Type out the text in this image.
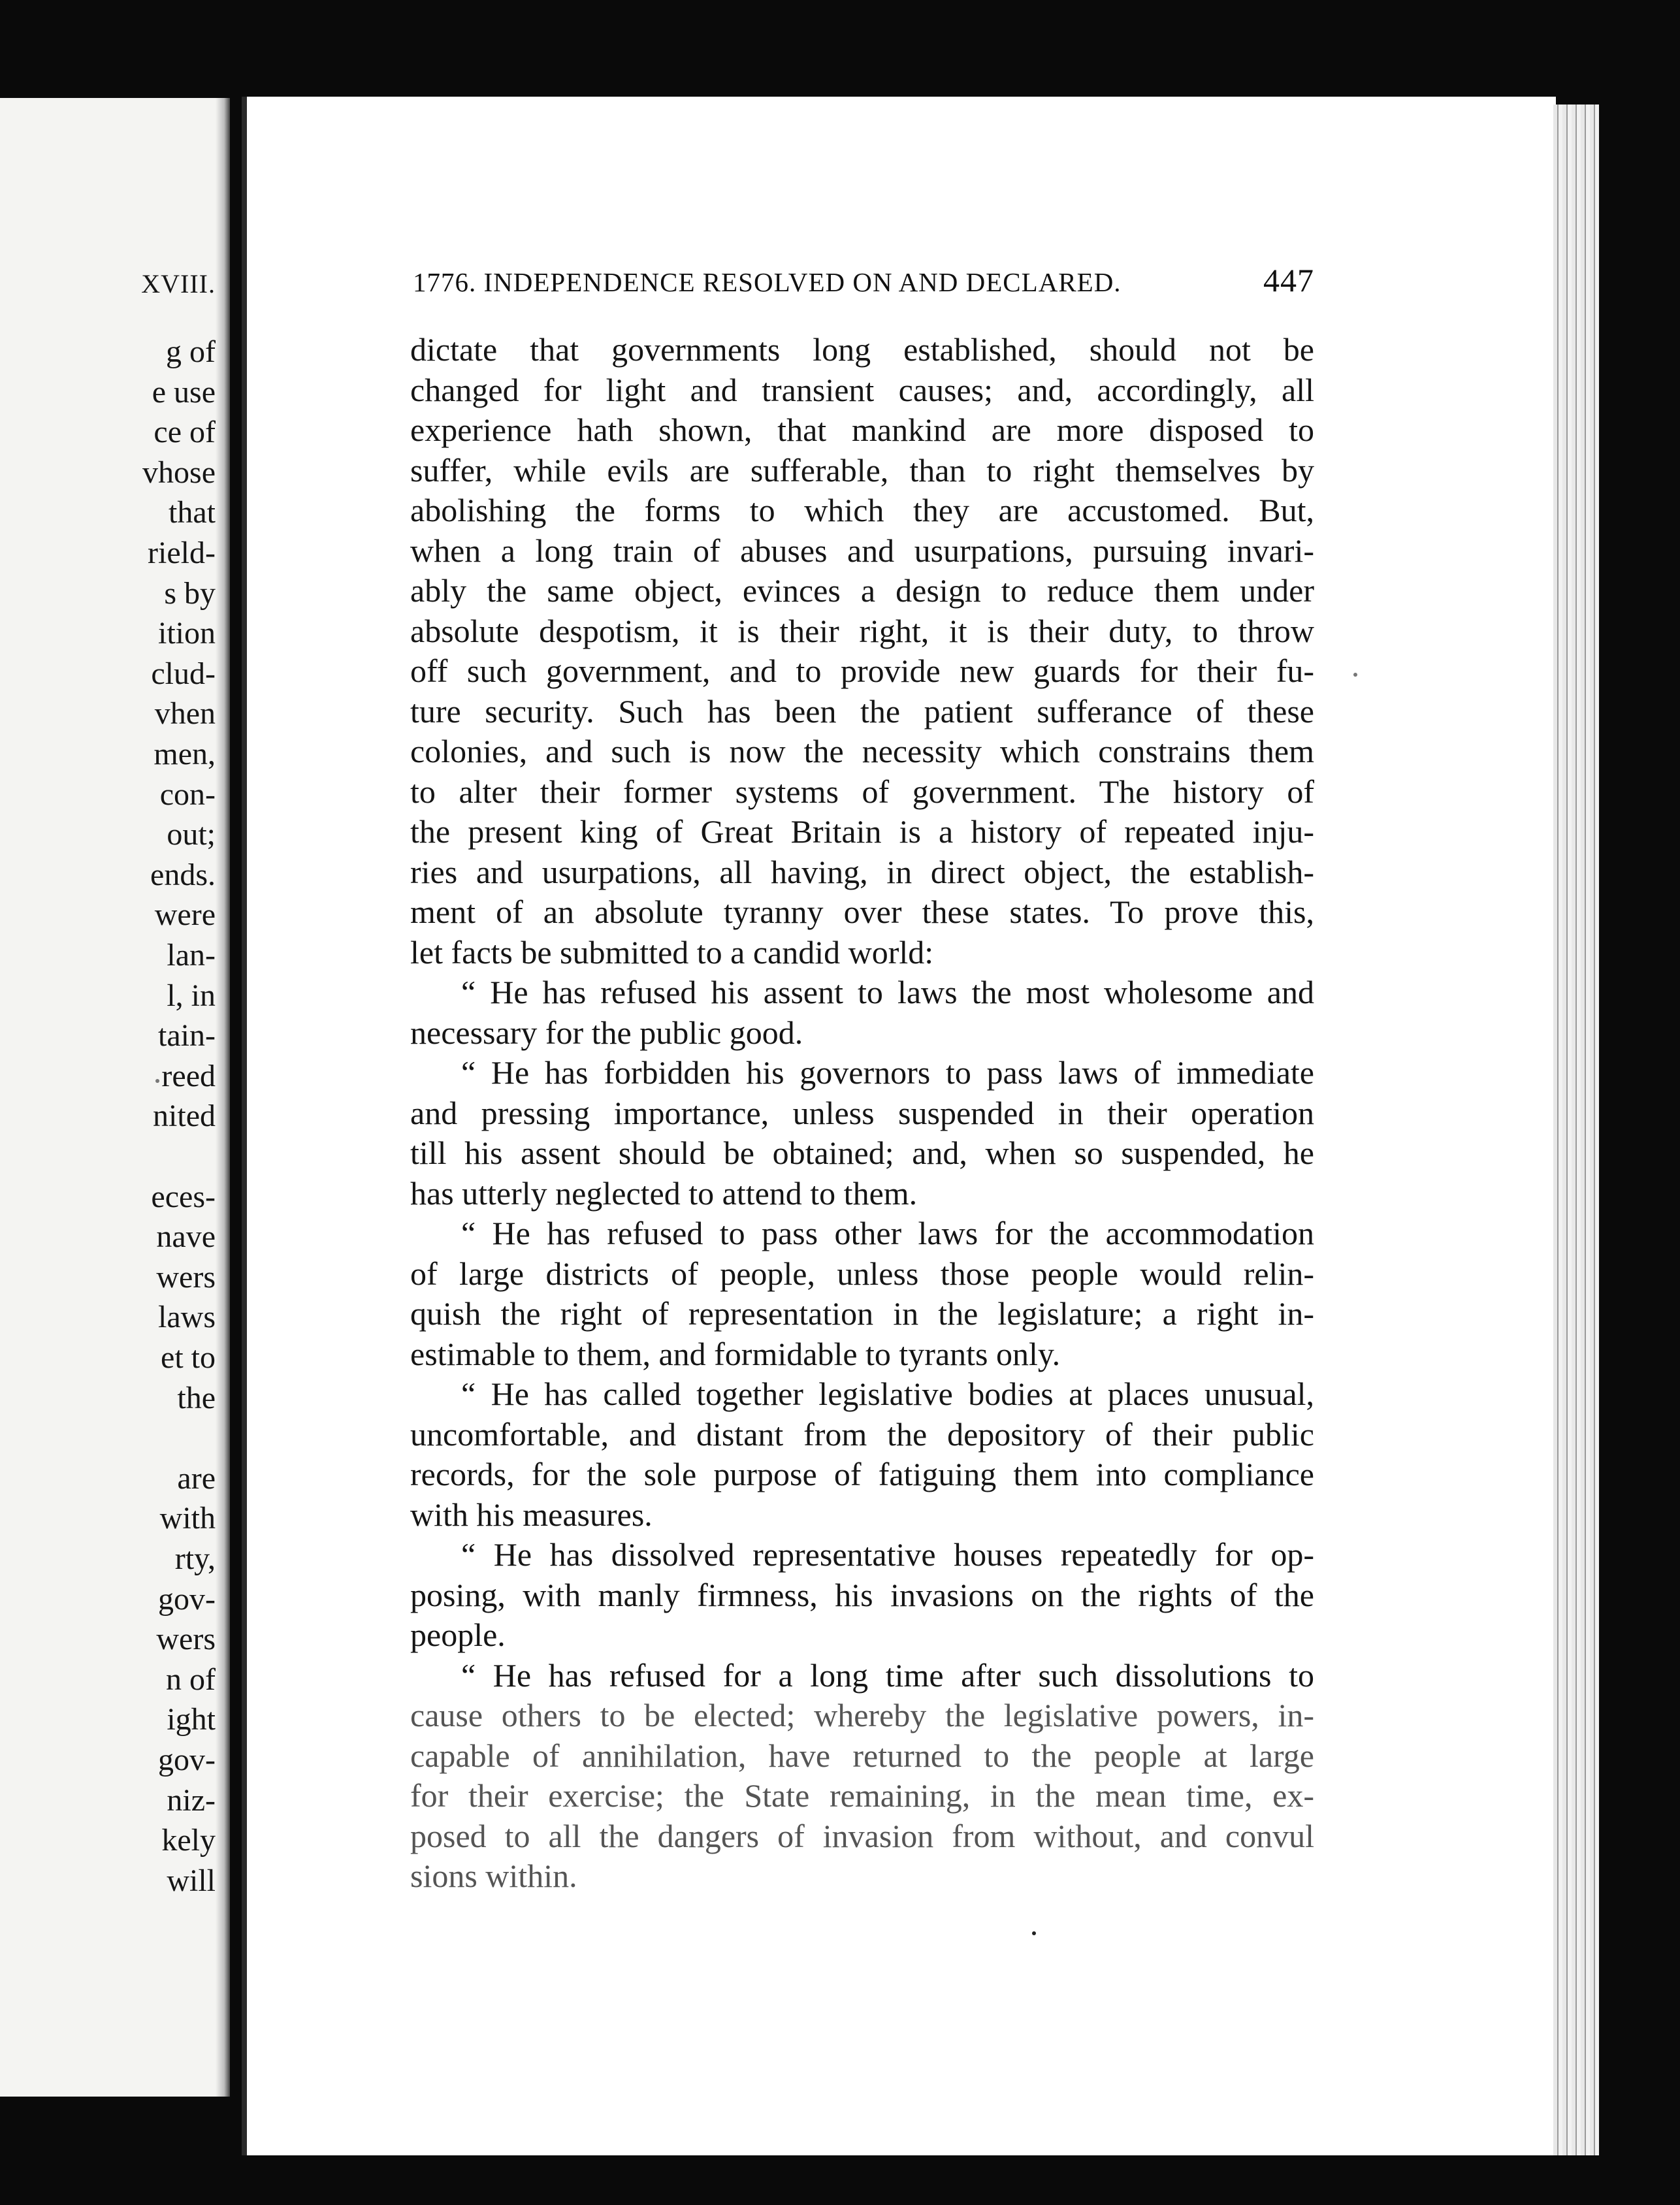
XVIII.
g of
e use
ce of
vhose
that
rield-
s by
ition
clud-
vhen
men,
con-
out;
ends.
were
lan-
l, in
tain-
reed
nited
eces-
nave
wers
laws
et to
the
are
with
rty,
gov-
wers
n of
ight
gov-
niz-
kely
will
1776. INDEPENDENCE RESOLVED ON AND DECLARED.	447
dictate that governments long established, should not be
changed for light and transient causes; and, accordingly, all
experience hath shown, that mankind are more disposed to
suffer, while evils are sufferable, than to right themselves by
abolishing the forms to which they are accustomed. But,
when a long train of abuses and usurpations, pursuing invari-
ably the same object, evinces a design to reduce them under
absolute despotism, it is their right, it is their duty, to throw
off such government, and to provide new guards for their fu-
ture security. Such has been the patient sufferance of these
colonies, and such is now the necessity which constrains them
to alter their former systems of government. The history of
the present king of Great Britain is a history of repeated inju-
ries and usurpations, all having, in direct object, the establish-
ment of an absolute tyranny over these states. To prove this,
let facts be submitted to a candid world:
“ He has refused his assent to laws the most wholesome and
necessary for the public good.
“ He has forbidden his governors to pass laws of immediate
and pressing importance, unless suspended in their operation
till his assent should be obtained; and, when so suspended, he
has utterly neglected to attend to them.
“ He has refused to pass other laws for the accommodation
of large districts of people, unless those people would relin-
quish the right of representation in the legislature; a right in-
estimable to them, and formidable to tyrants only.
“ He has called together legislative bodies at places unusual,
uncomfortable, and distant from the depository of their public
records, for the sole purpose of fatiguing them into compliance
with his measures.
“ He has dissolved representative houses repeatedly for op-
posing, with manly firmness, his invasions on the rights of the
people.
“ He has refused for a long time after such dissolutions to
cause others to be elected; whereby the legislative powers, in-
capable of annihilation, have returned to the people at large
for their exercise; the State remaining, in the mean time, ex-
posed to all the dangers of invasion from without, and convul
sions within.
